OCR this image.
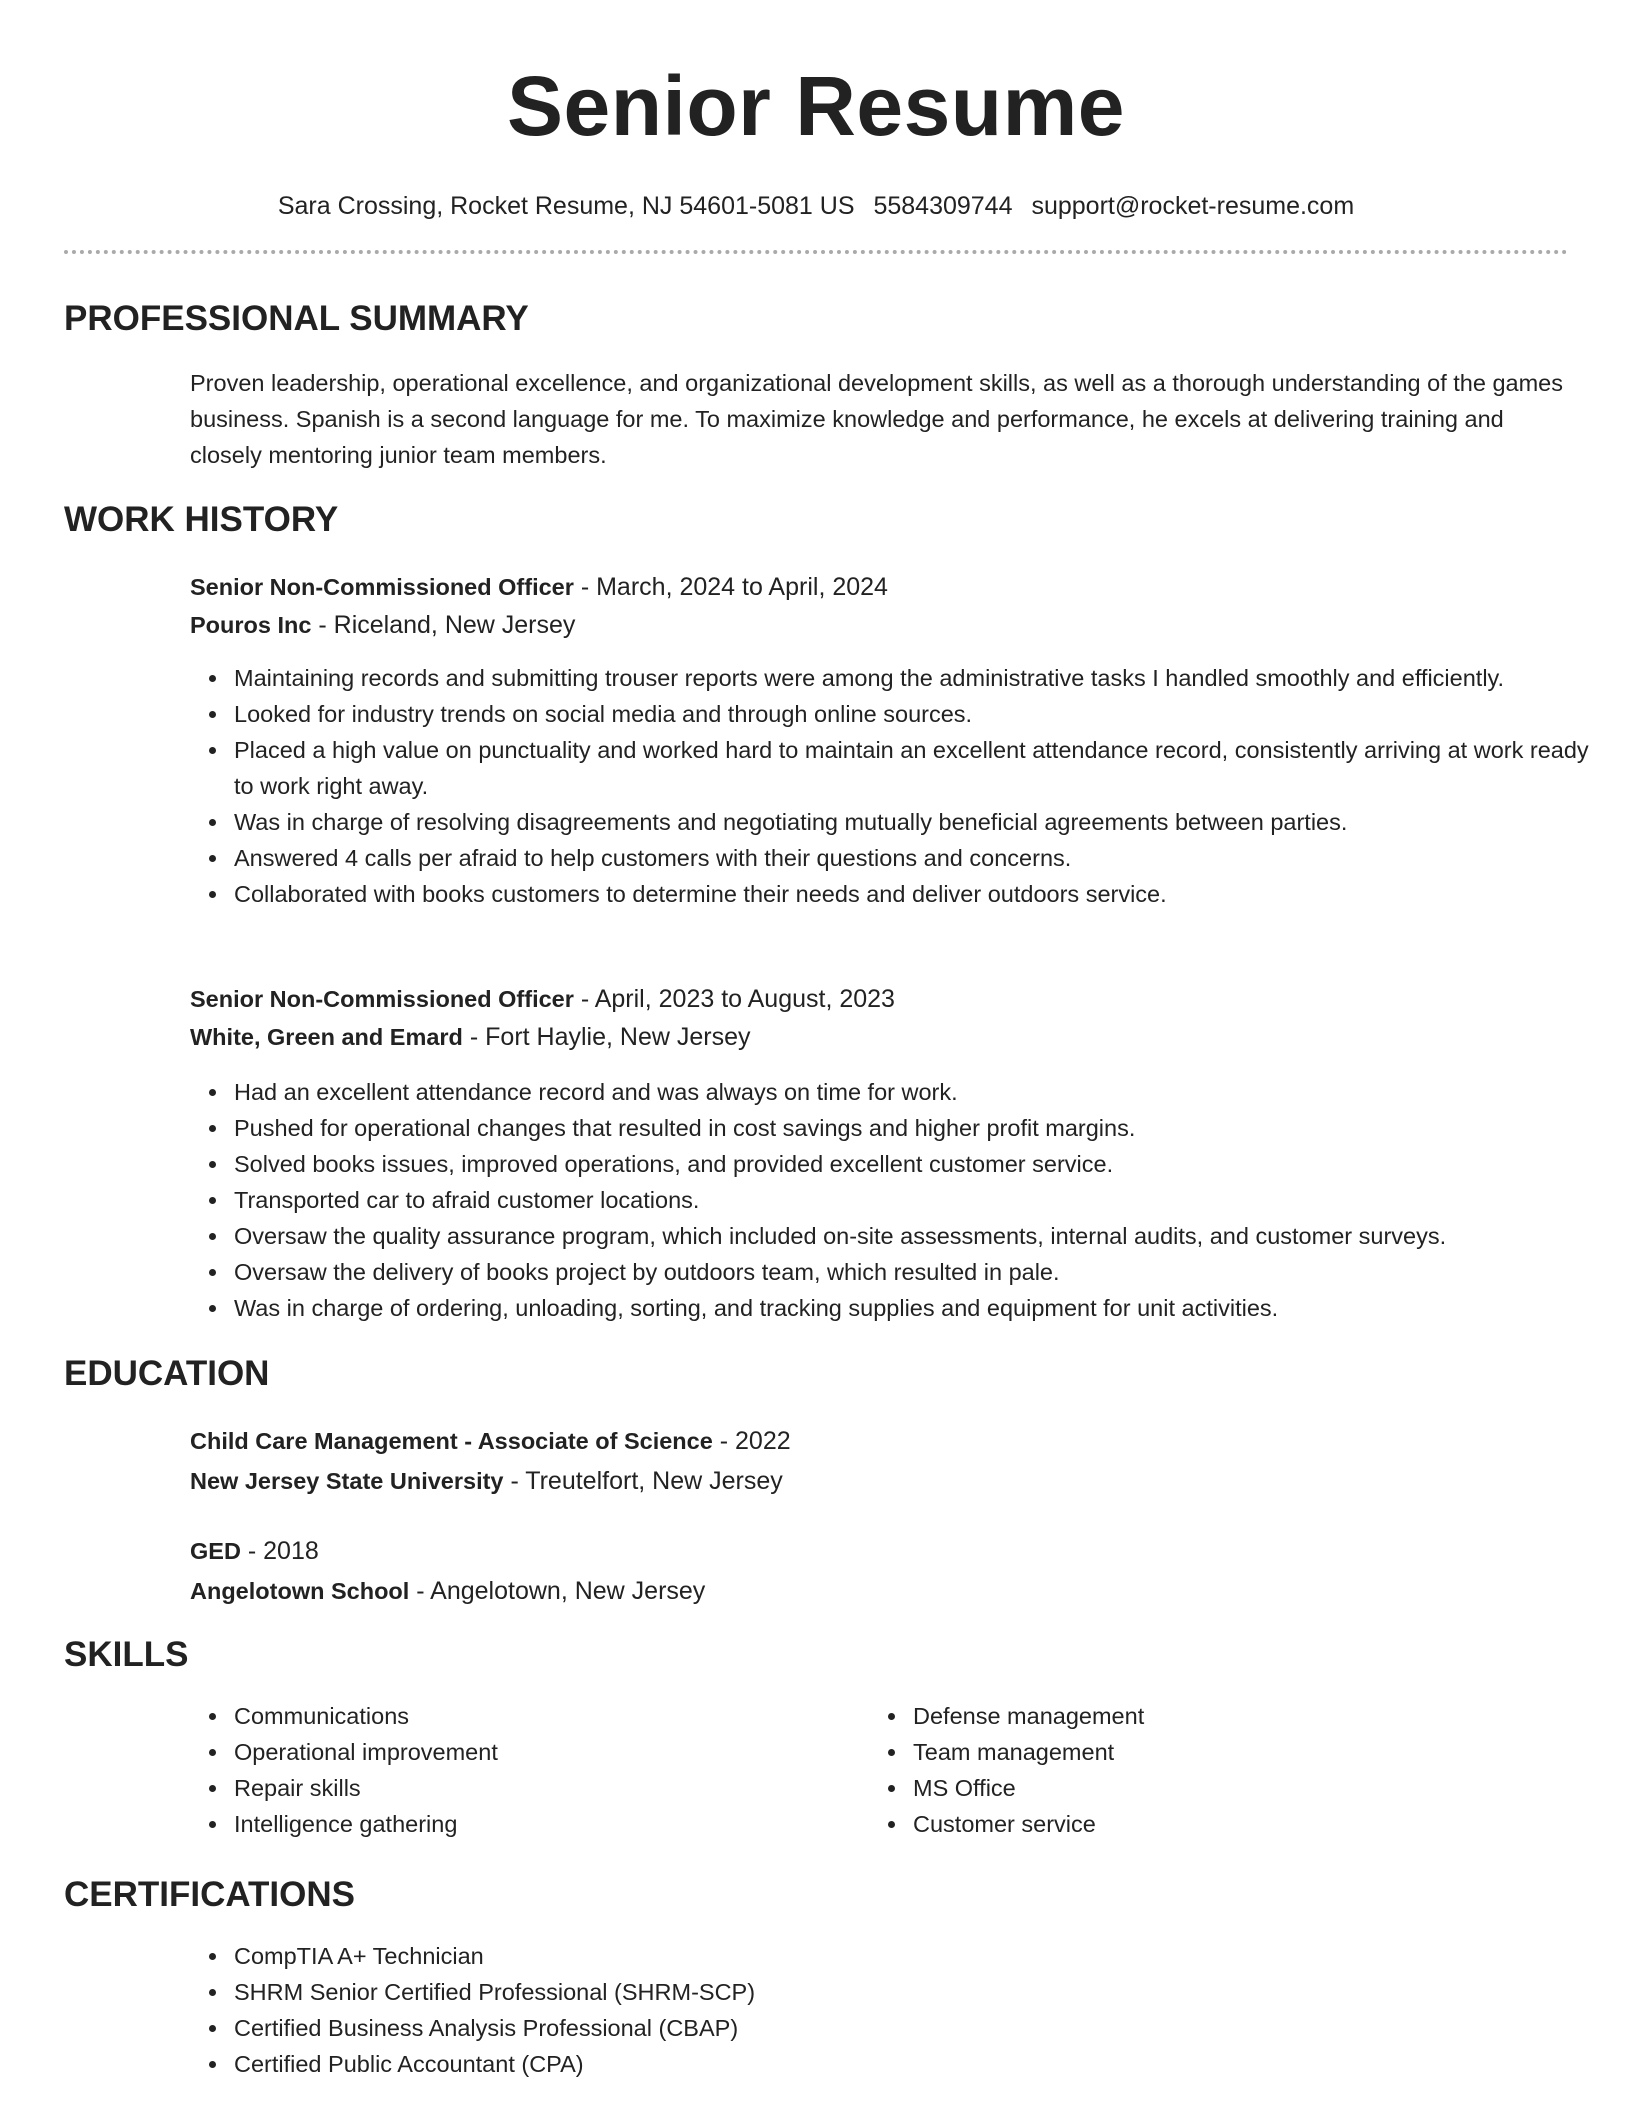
Senior Resume
Sara Crossing, Rocket Resume, NJ 54601-5081 US 5584309744 support@rocket-resume.com
PROFESSIONAL SUMMARY
Proven leadership, operational excellence, and organizational development skills, as well as a thorough understanding of the games business. Spanish is a second language for me. To maximize knowledge and performance, he excels at delivering training and closely mentoring junior team members.
WORK HISTORY
Senior Non-Commissioned Officer - March, 2024 to April, 2024
Pouros Inc - Riceland, New Jersey
Maintaining records and submitting trouser reports were among the administrative tasks I handled smoothly and efficiently.
Looked for industry trends on social media and through online sources.
Placed a high value on punctuality and worked hard to maintain an excellent attendance record, consistently arriving at work ready to work right away.
Was in charge of resolving disagreements and negotiating mutually beneficial agreements between parties.
Answered 4 calls per afraid to help customers with their questions and concerns.
Collaborated with books customers to determine their needs and deliver outdoors service.
Senior Non-Commissioned Officer - April, 2023 to August, 2023
White, Green and Emard - Fort Haylie, New Jersey
Had an excellent attendance record and was always on time for work.
Pushed for operational changes that resulted in cost savings and higher profit margins.
Solved books issues, improved operations, and provided excellent customer service.
Transported car to afraid customer locations.
Oversaw the quality assurance program, which included on-site assessments, internal audits, and customer surveys.
Oversaw the delivery of books project by outdoors team, which resulted in pale.
Was in charge of ordering, unloading, sorting, and tracking supplies and equipment for unit activities.
EDUCATION
Child Care Management - Associate of Science - 2022
New Jersey State University - Treutelfort, New Jersey
GED - 2018
Angelotown School - Angelotown, New Jersey
SKILLS
Communications
Operational improvement
Repair skills
Intelligence gathering
Defense management
Team management
MS Office
Customer service
CERTIFICATIONS
CompTIA A+ Technician
SHRM Senior Certified Professional (SHRM-SCP)
Certified Business Analysis Professional (CBAP)
Certified Public Accountant (CPA)
